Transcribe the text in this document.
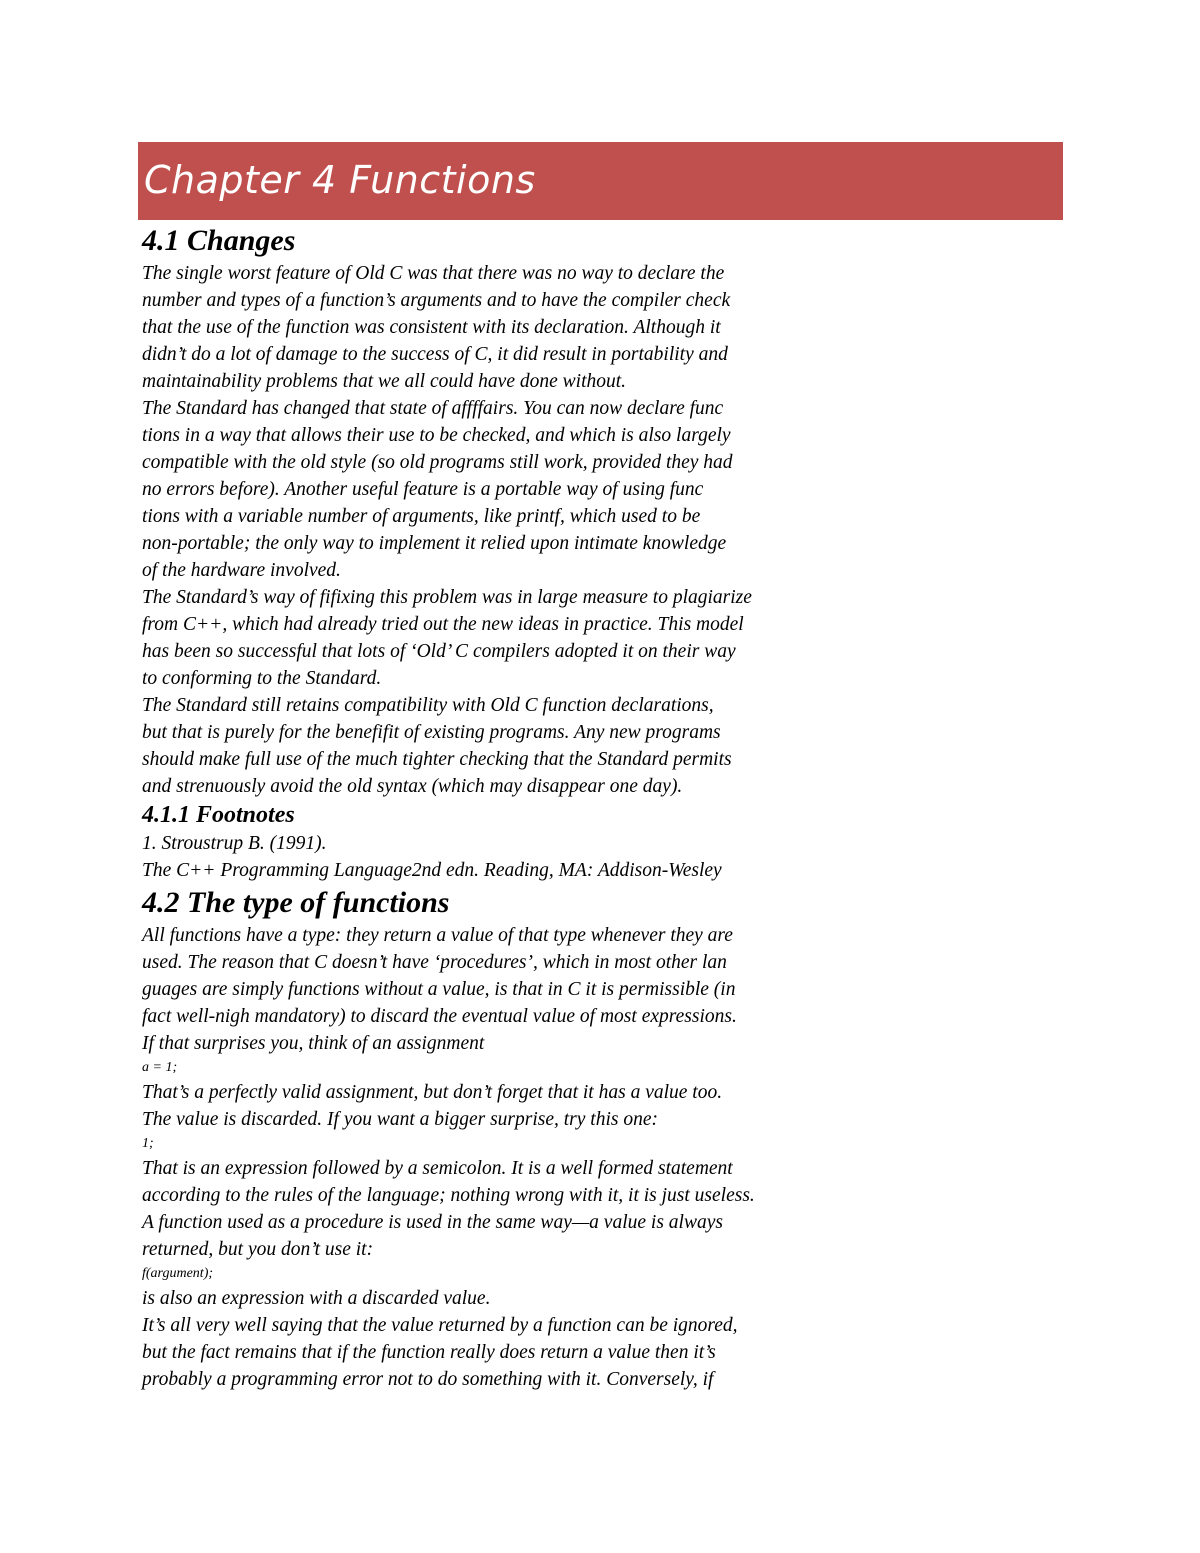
Chapter 4 Functions
4.1 Changes
The single worst feature of Old C was that there was no way to declare the
number and types of a function’s arguments and to have the compiler check
that the use of the function was consistent with its declaration. Although it
didn’t do a lot of damage to the success of C, it did result in portability and
maintainability problems that we all could have done without.
The Standard has changed that state of affffairs. You can now declare func
tions in a way that allows their use to be checked, and which is also largely
compatible with the old style (so old programs still work, provided they had
no errors before). Another useful feature is a portable way of using func
tions with a variable number of arguments, like printf, which used to be
non-portable; the only way to implement it relied upon intimate knowledge
of the hardware involved.
The Standard’s way of fifixing this problem was in large measure to plagiarize
from C++, which had already tried out the new ideas in practice. This model
has been so successful that lots of ‘Old’ C compilers adopted it on their way
to conforming to the Standard.
The Standard still retains compatibility with Old C function declarations,
but that is purely for the benefifit of existing programs. Any new programs
should make full use of the much tighter checking that the Standard permits
and strenuously avoid the old syntax (which may disappear one day).
4.1.1 Footnotes
1. Stroustrup B. (1991).
The C++ Programming Language2nd edn. Reading, MA: Addison-Wesley
4.2 The type of functions
All functions have a type: they return a value of that type whenever they are
used. The reason that C doesn’t have ‘procedures’, which in most other lan
guages are simply functions without a value, is that in C it is permissible (in
fact well-nigh mandatory) to discard the eventual value of most expressions.
If that surprises you, think of an assignment
a = 1;
That’s a perfectly valid assignment, but don’t forget that it has a value too.
The value is discarded. If you want a bigger surprise, try this one:
1;
That is an expression followed by a semicolon. It is a well formed statement
according to the rules of the language; nothing wrong with it, it is just useless.
A function used as a procedure is used in the same way—a value is always
returned, but you don’t use it:
f(argument);
is also an expression with a discarded value.
It’s all very well saying that the value returned by a function can be ignored,
but the fact remains that if the function really does return a value then it’s
probably a programming error not to do something with it. Conversely, if
